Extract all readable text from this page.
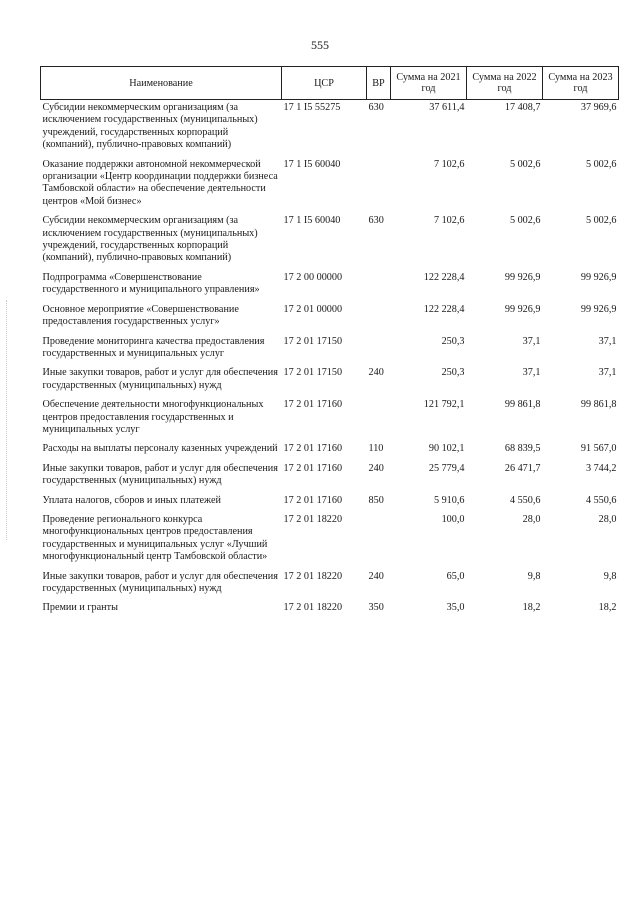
555
Наименование	ЦСР	ВР	Сумма на 2021 год	Сумма на 2022 год	Сумма на 2023 год
Субсидии некоммерческим организациям (за исключением государственных (муниципальных) учреждений, государственных корпораций (компаний), публично-правовых компаний)	17 1 I5 55275	630	37 611,4	17 408,7	37 969,6
Оказание поддержки автономной некоммерческой организации «Центр координации поддержки бизнеса Тамбовской области» на обеспечение деятельности центров «Мой бизнес»	17 1 I5 60040		7 102,6	5 002,6	5 002,6
Субсидии некоммерческим организациям (за исключением государственных (муниципальных) учреждений, государственных корпораций (компаний), публично-правовых компаний)	17 1 I5 60040	630	7 102,6	5 002,6	5 002,6
Подпрограмма «Совершенствование государственного и муниципального управления»	17 2 00 00000		122 228,4	99 926,9	99 926,9
Основное мероприятие «Совершенствование предоставления государственных услуг»	17 2 01 00000		122 228,4	99 926,9	99 926,9
Проведение мониторинга качества предоставления государственных и муниципальных услуг	17 2 01 17150		250,3	37,1	37,1
Иные закупки товаров, работ и услуг для обеспечения государственных (муниципальных) нужд	17 2 01 17150	240	250,3	37,1	37,1
Обеспечение деятельности многофункциональных центров предоставления государственных и муниципальных услуг	17 2 01 17160		121 792,1	99 861,8	99 861,8
Расходы на выплаты персоналу казенных учреждений	17 2 01 17160	110	90 102,1	68 839,5	91 567,0
Иные закупки товаров, работ и услуг для обеспечения государственных (муниципальных) нужд	17 2 01 17160	240	25 779,4	26 471,7	3 744,2
Уплата налогов, сборов и иных платежей	17 2 01 17160	850	5 910,6	4 550,6	4 550,6
Проведение регионального конкурса многофункциональных центров предоставления государственных и муниципальных услуг «Лучший многофункциональный центр Тамбовской области»	17 2 01 18220		100,0	28,0	28,0
Иные закупки товаров, работ и услуг для обеспечения государственных (муниципальных) нужд	17 2 01 18220	240	65,0	9,8	9,8
Премии и гранты	17 2 01 18220	350	35,0	18,2	18,2
